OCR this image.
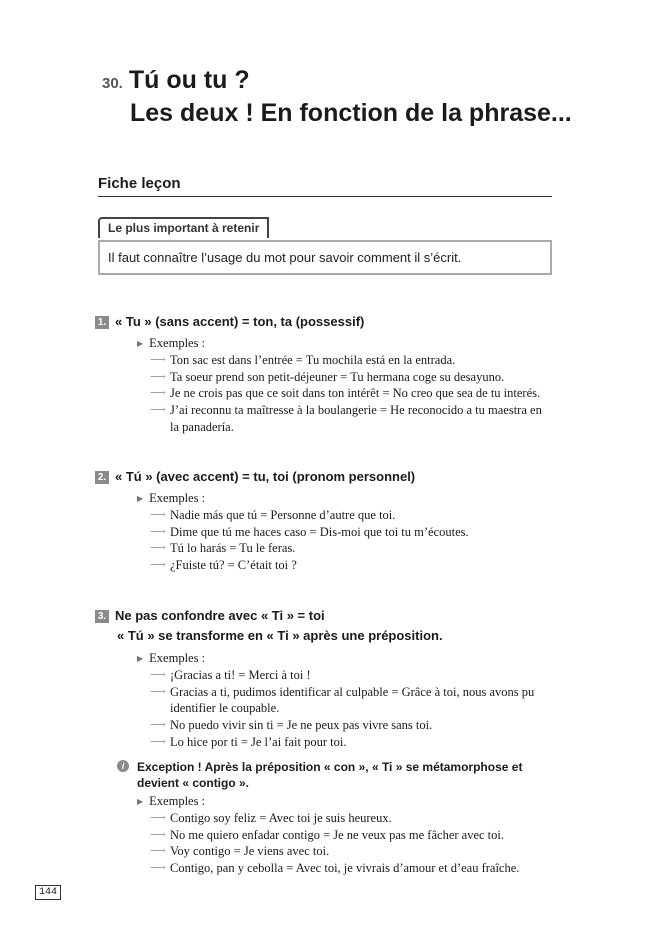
30. Tú ou tu ?
Les deux ! En fonction de la phrase...
Fiche leçon
Le plus important à retenir
Il faut connaître l’usage du mot pour savoir comment il s’écrit.
1. « Tu » (sans accent) = ton, ta (possessif)
▶ Exemples :
⟶ Ton sac est dans l’entrée = Tu mochila está en la entrada.
⟶ Ta soeur prend son petit-déjeuner = Tu hermana coge su desayuno.
⟶ Je ne crois pas que ce soit dans ton intérêt = No creo que sea de tu interés.
⟶ J’ai reconnu ta maîtresse à la boulangerie = He reconocido a tu maestra en la panadería.
2. « Tú » (avec accent) = tu, toi (pronom personnel)
▶ Exemples :
⟶ Nadie más que tú = Personne d’autre que toi.
⟶ Dime que tú me haces caso = Dis-moi que toi tu m’écoutes.
⟶ Tú lo harás = Tu le feras.
⟶ ¿Fuiste tú? = C’était toi ?
3. Ne pas confondre avec « Ti » = toi
« Tú » se transforme en « Ti » après une préposition.
▶ Exemples :
⟶ ¡Gracias a ti! = Merci à toi !
⟶ Gracias a ti, pudimos identificar al culpable = Grâce à toi, nous avons pu identifier le coupable.
⟶ No puedo vivir sin ti = Je ne peux pas vivre sans toi.
⟶ Lo hice por ti = Je l’ai fait pour toi.
i	Exception ! Après la préposition « con », « Ti » se métamorphose et devient « contigo ».
▶ Exemples :
⟶ Contigo soy feliz = Avec toi je suis heureux.
⟶ No me quiero enfadar contigo = Je ne veux pas me fâcher avec toi.
⟶ Voy contigo = Je viens avec toi.
⟶ Contigo, pan y cebolla = Avec toi, je vivrais d’amour et d’eau fraîche.
144
